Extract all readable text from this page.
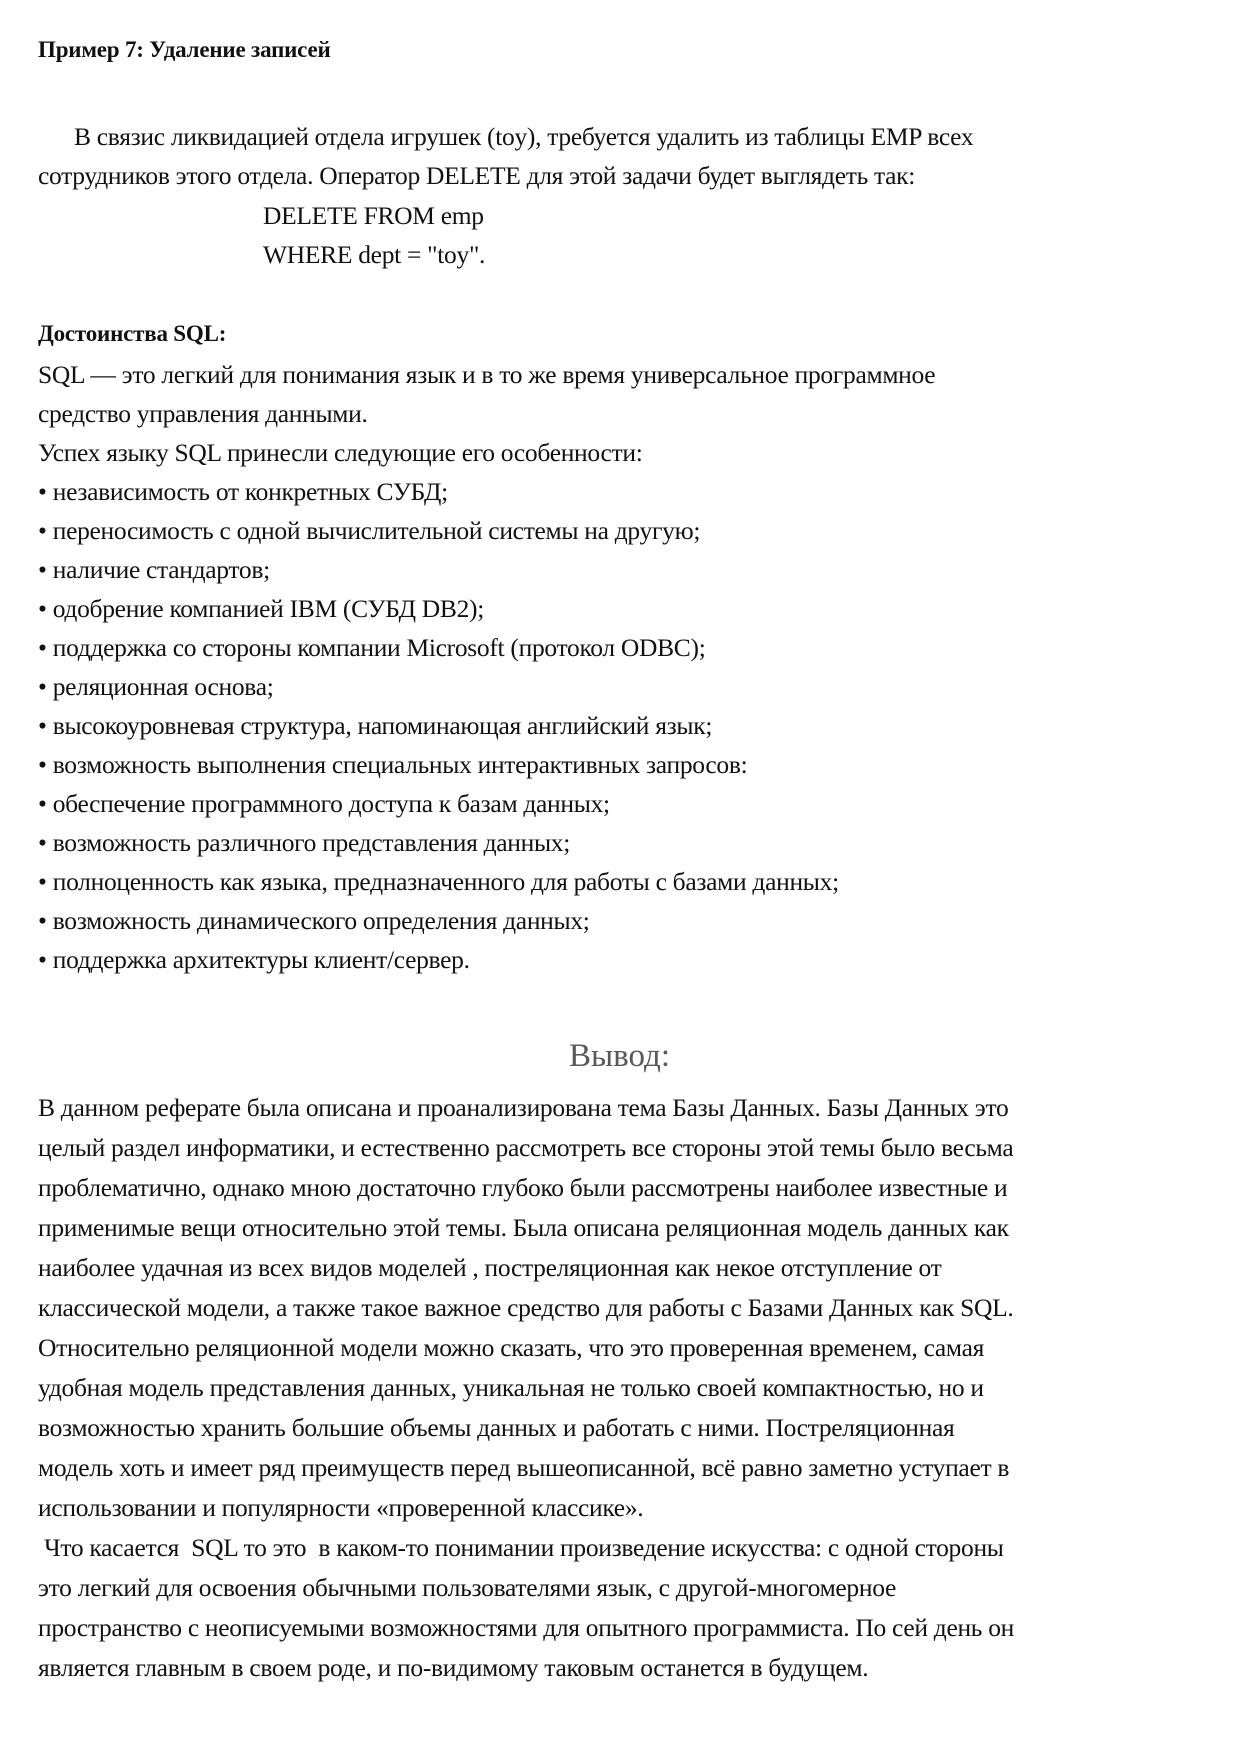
Пример 7: Удаление записей
В связис ликвидацией отдела игрушек (toy), требуется удалить из таблицы EMP всех
сотрудников этого отдела. Оператор DELETE для этой задачи будет выглядеть так:
DELETE FROM emp
WHERE dept = "toy".
Достоинства SQL:
SQL — это легкий для понимания язык и в то же время универсальное программное
средство управления данными.
Успех языку SQL принесли следующие его особенности:
• независимость от конкретных СУБД;
• переносимость с одной вычислительной системы на другую;
• наличие стандартов;
• одобрение компанией IBM (СУБД DB2);
• поддержка со стороны компании Microsoft (протокол ODBC);
• реляционная основа;
• высокоуровневая структура, напоминающая английский язык;
• возможность выполнения специальных интерактивных запросов:
• обеспечение программного доступа к базам данных;
• возможность различного представления данных;
• полноценность как языка, предназначенного для работы с базами данных;
• возможность динамического определения данных;
• поддержка архитектуры клиент/сервер.
Вывод:
В данном реферате была описана и проанализирована тема Базы Данных. Базы Данных это
целый раздел информатики, и естественно рассмотреть все стороны этой темы было весьма
проблематично, однако мною достаточно глубоко были рассмотрены наиболее известные и
применимые вещи относительно этой темы. Была описана реляционная модель данных как
наиболее удачная из всех видов моделей , постреляционная как некое отступление от
классической модели, а также такое важное средство для работы с Базами Данных как SQL.
Относительно реляционной модели можно сказать, что это проверенная временем, самая
удобная модель представления данных, уникальная не только своей компактностью, но и
возможностью хранить большие объемы данных и работать с ними. Постреляционная
модель хоть и имеет ряд преимуществ перед вышеописанной, всё равно заметно уступает в
использовании и популярности «проверенной классике».
Что касается  SQL то это  в каком-то понимании произведение искусства: с одной стороны
это легкий для освоения обычными пользователями язык, с другой-многомерное
пространство с неописуемыми возможностями для опытного программиста. По сей день он
является главным в своем роде, и по-видимому таковым останется в будущем.
